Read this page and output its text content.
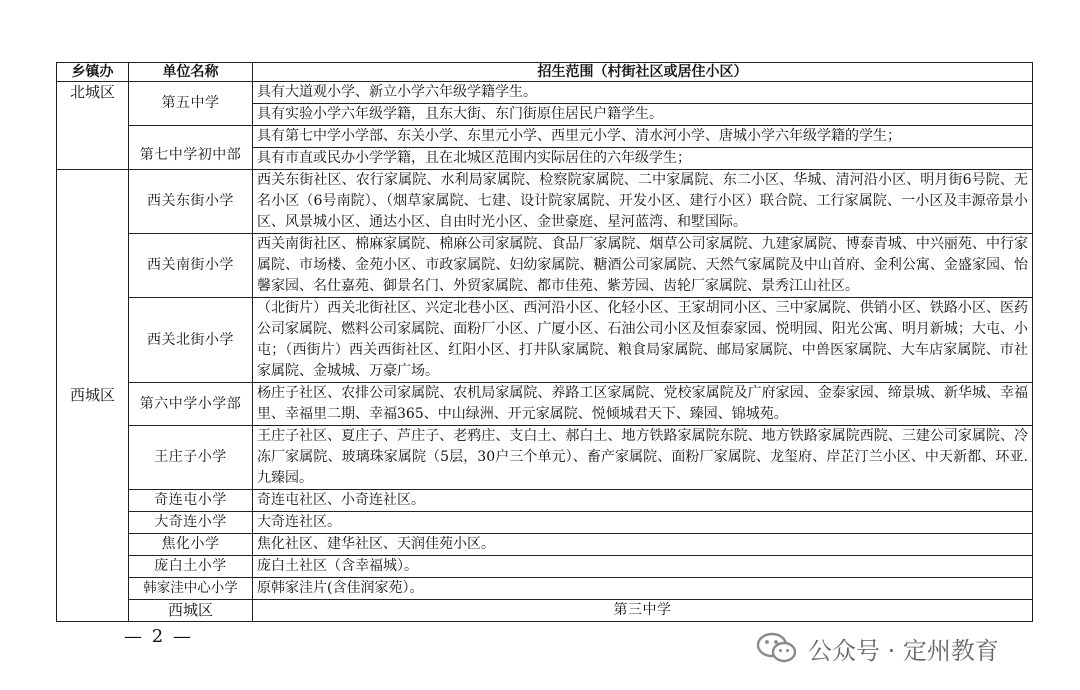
乡镇办	单位名称	招生范围（村街社区或居住小区）	
北城区	第五中学	具有大道观小学、新立小学六年级学籍学生。	
		具有实验小学六年级学籍，且东大街、东门街原住居民户籍学生。	
	第七中学初中部	具有第七中学小学部、东关小学、东里元小学、西里元小学、清水河小学、唐城小学六年级学籍的学生；	
		具有市直或民办小学学籍，且在北城区范围内实际居住的六年级学生；	
西城区	西关东街小学	西关东街社区、农行家属院、水利局家属院、检察院家属院、二中家属院、东二小区、华城、清河沿小区、明月街6号院、无名小区（6号南院）、（烟草家属院、七建、设计院家属院、开发小区、建行小区）联合院、工行家属院、一小区及丰源帝景小区、风景城小区、通达小区、自由时光小区、金世豪庭、星河蓝湾、和墅国际。	
	西关南街小学	西关南街社区、棉麻家属院、棉麻公司家属院、食品厂家属院、烟草公司家属院、九建家属院、博泰青城、中兴丽苑、中行家属院、市场楼、金苑小区、市政家属院、妇幼家属院、糖酒公司家属院、天然气家属院及中山首府、金利公寓、金盛家园、怡馨家园、名仕嘉苑、御景名门、外贸家属院、都市佳苑、紫芳园、齿轮厂家属院、景秀江山社区。	
	西关北街小学	（北街片）西关北街社区、兴定北巷小区、西河沿小区、化轻小区、王家胡同小区、三中家属院、供销小区、铁路小区、医药公司家属院、燃料公司家属院、面粉厂小区、广厦小区、石油公司小区及恒泰家园、悦明园、阳光公寓、明月新城；大屯、小屯；（西街片）西关西街社区、红阳小区、打井队家属院、粮食局家属院、邮局家属院、中兽医家属院、大车店家属院、市社家属院、金城城、万豪广场。	
	第六中学小学部	杨庄子社区、农排公司家属院、农机局家属院、养路工区家属院、党校家属院及广府家园、金泰家园、缔景城、新华城、幸福里、幸福里二期、幸福365、中山绿洲、开元家属院、悦倾城君天下、臻园、锦城苑。	
	王庄子小学	王庄子社区、夏庄子、芦庄子、老鸦庄、支白土、郝白土、地方铁路家属院东院、地方铁路家属院西院、三建公司家属院、冷冻厂家属院、玻璃珠家属院（5层，30户三个单元）、畜产家属院、面粉厂家属院、龙玺府、岸芷汀兰小区、中天新都、环亚.九臻园。	
	奇连屯小学	奇连屯社区、小奇连社区。	
	大奇连小学	大奇连社区。	
	焦化小学	焦化社区、建华社区、天润佳苑小区。	
	庞白土小学	庞白土社区（含幸福城）。	
	韩家洼中心小学	原韩家洼片(含佳润家苑）。	
	西城区	第三中学	
— 2 —	公众号 · 定州教育
